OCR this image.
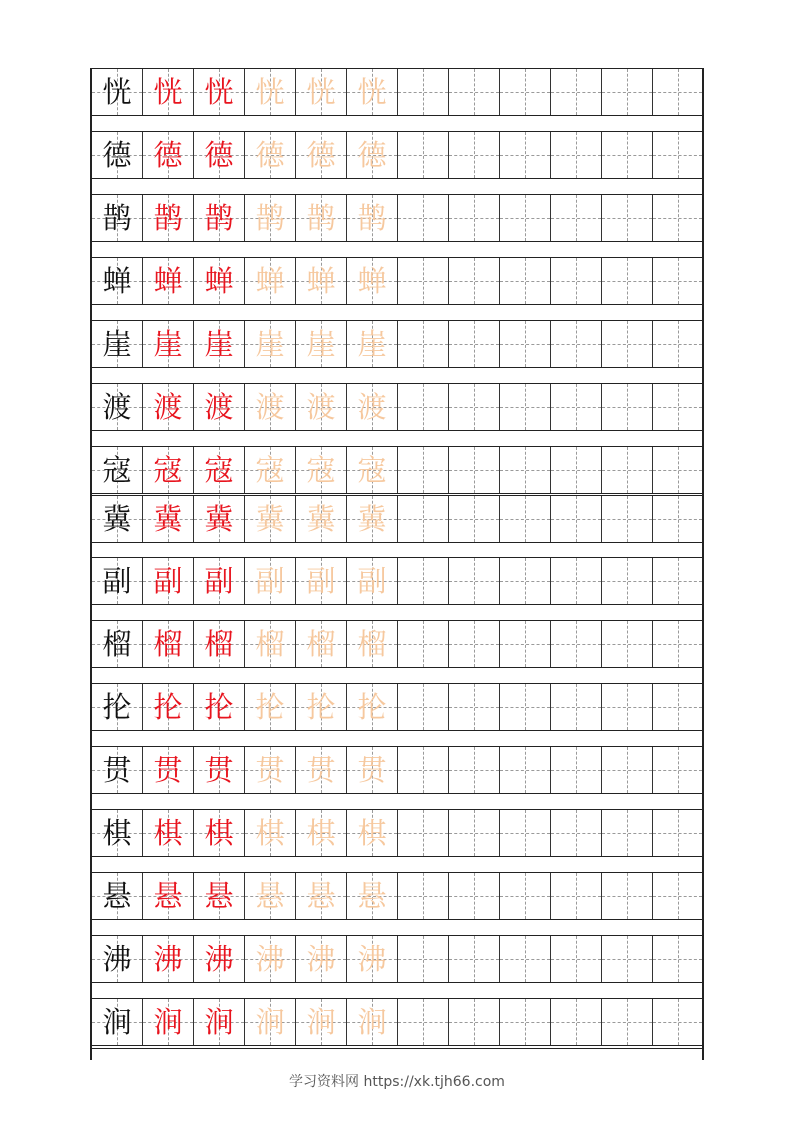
恍 恍 恍 恍 恍 恍
德 德 德 德 德 德
鹊 鹊 鹊 鹊 鹊 鹊
蝉 蝉 蝉 蝉 蝉 蝉
崖 崖 崖 崖 崖 崖
渡 渡 渡 渡 渡 渡
寇 寇 寇 寇 寇 寇
冀 冀 冀 冀 冀 冀
副 副 副 副 副 副
榴 榴 榴 榴 榴 榴
抡 抡 抡 抡 抡 抡
贯 贯 贯 贯 贯 贯
棋 棋 棋 棋 棋 棋
悬 悬 悬 悬 悬 悬
沸 沸 沸 沸 沸 沸
涧 涧 涧 涧 涧 涧
学习资料网 https://xk.tjh66.com
